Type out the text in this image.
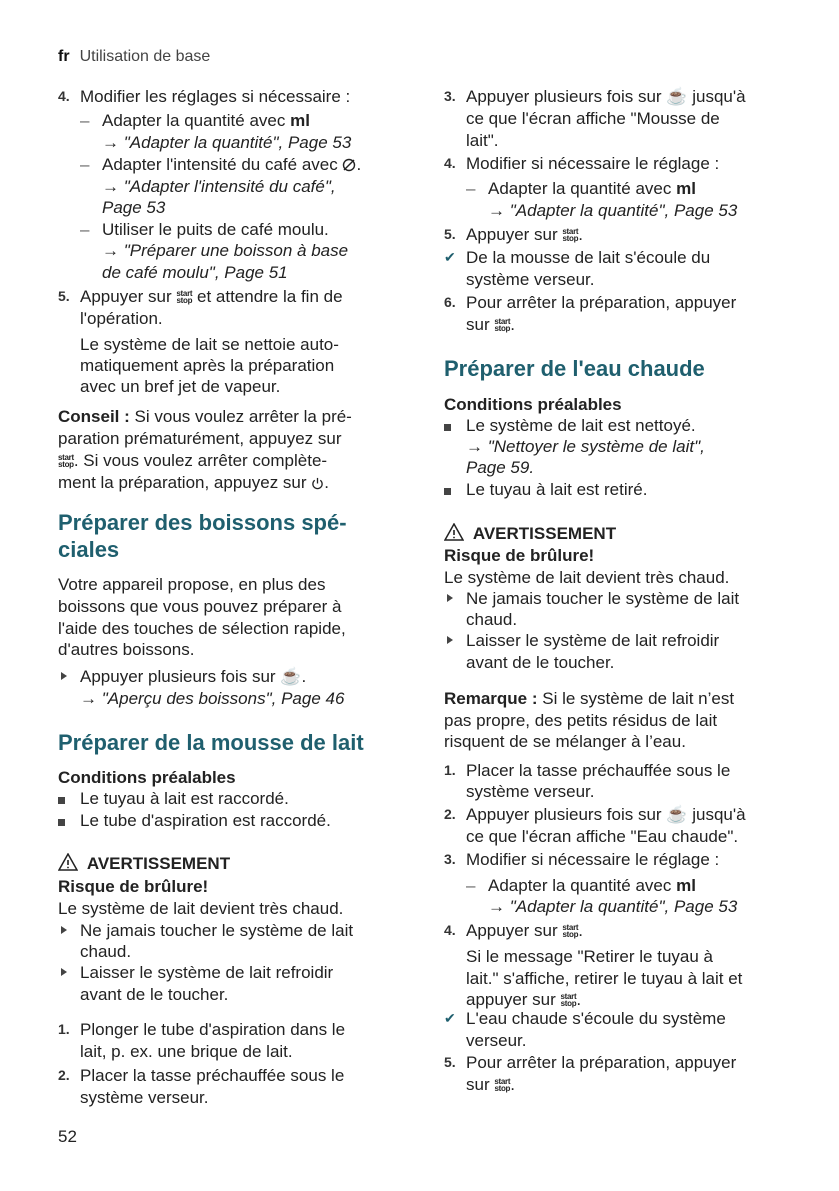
fr Utilisation de base
4. Modifier les réglages si nécessaire :
– Adapter la quantité avec ml
→ "Adapter la quantité", Page 53
– Adapter l'intensité du café avec .
→ "Adapter l'intensité du café",
Page 53
– Utiliser le puits de café moulu.
→ "Préparer une boisson à base
de café moulu", Page 51
5. Appuyer sur start
stop et attendre la fin de
l'opération.
Le système de lait se nettoie auto-
matiquement après la préparation
avec un bref jet de vapeur.
Conseil : Si vous voulez arrêter la pré-
paration prématurément, appuyez sur
start
stop. Si vous voulez arrêter complète-
ment la préparation, appuyez sur .
Préparer des boissons spé-
ciales
Votre appareil propose, en plus des
boissons que vous pouvez préparer à
l'aide des touches de sélection rapide,
d'autres boissons.
Appuyer plusieurs fois sur ☕.
→ "Aperçu des boissons", Page 46
Préparer de la mousse de lait
Conditions préalables
Le tuyau à lait est raccordé.
Le tube d'aspiration est raccordé.
AVERTISSEMENT
Risque de brûlure!
Le système de lait devient très chaud.
Ne jamais toucher le système de lait
chaud.
Laisser le système de lait refroidir
avant de le toucher.
1. Plonger le tube d'aspiration dans le
lait, p. ex. une brique de lait.
2. Placer la tasse préchauffée sous le
système verseur.
3. Appuyer plusieurs fois sur ☕ jusqu'à
ce que l'écran affiche "Mousse de
lait".
4. Modifier si nécessaire le réglage :
– Adapter la quantité avec ml
→ "Adapter la quantité", Page 53
5. Appuyer sur start
stop.
✔ De la mousse de lait s'écoule du
système verseur.
6. Pour arrêter la préparation, appuyer
sur start
stop.
Préparer de l'eau chaude
Conditions préalables
Le système de lait est nettoyé.
→ "Nettoyer le système de lait",
Page 59.
Le tuyau à lait est retiré.
AVERTISSEMENT
Risque de brûlure!
Le système de lait devient très chaud.
Ne jamais toucher le système de lait
chaud.
Laisser le système de lait refroidir
avant de le toucher.
Remarque : Si le système de lait n’est
pas propre, des petits résidus de lait
risquent de se mélanger à l’eau.
1. Placer la tasse préchauffée sous le
système verseur.
2. Appuyer plusieurs fois sur ☕ jusqu'à
ce que l'écran affiche "Eau chaude".
3. Modifier si nécessaire le réglage :
– Adapter la quantité avec ml
→ "Adapter la quantité", Page 53
4. Appuyer sur start
stop.
Si le message "Retirer le tuyau à
lait." s'affiche, retirer le tuyau à lait et
appuyer sur start
stop.
✔ L'eau chaude s'écoule du système
verseur.
5. Pour arrêter la préparation, appuyer
sur start
stop.
52
